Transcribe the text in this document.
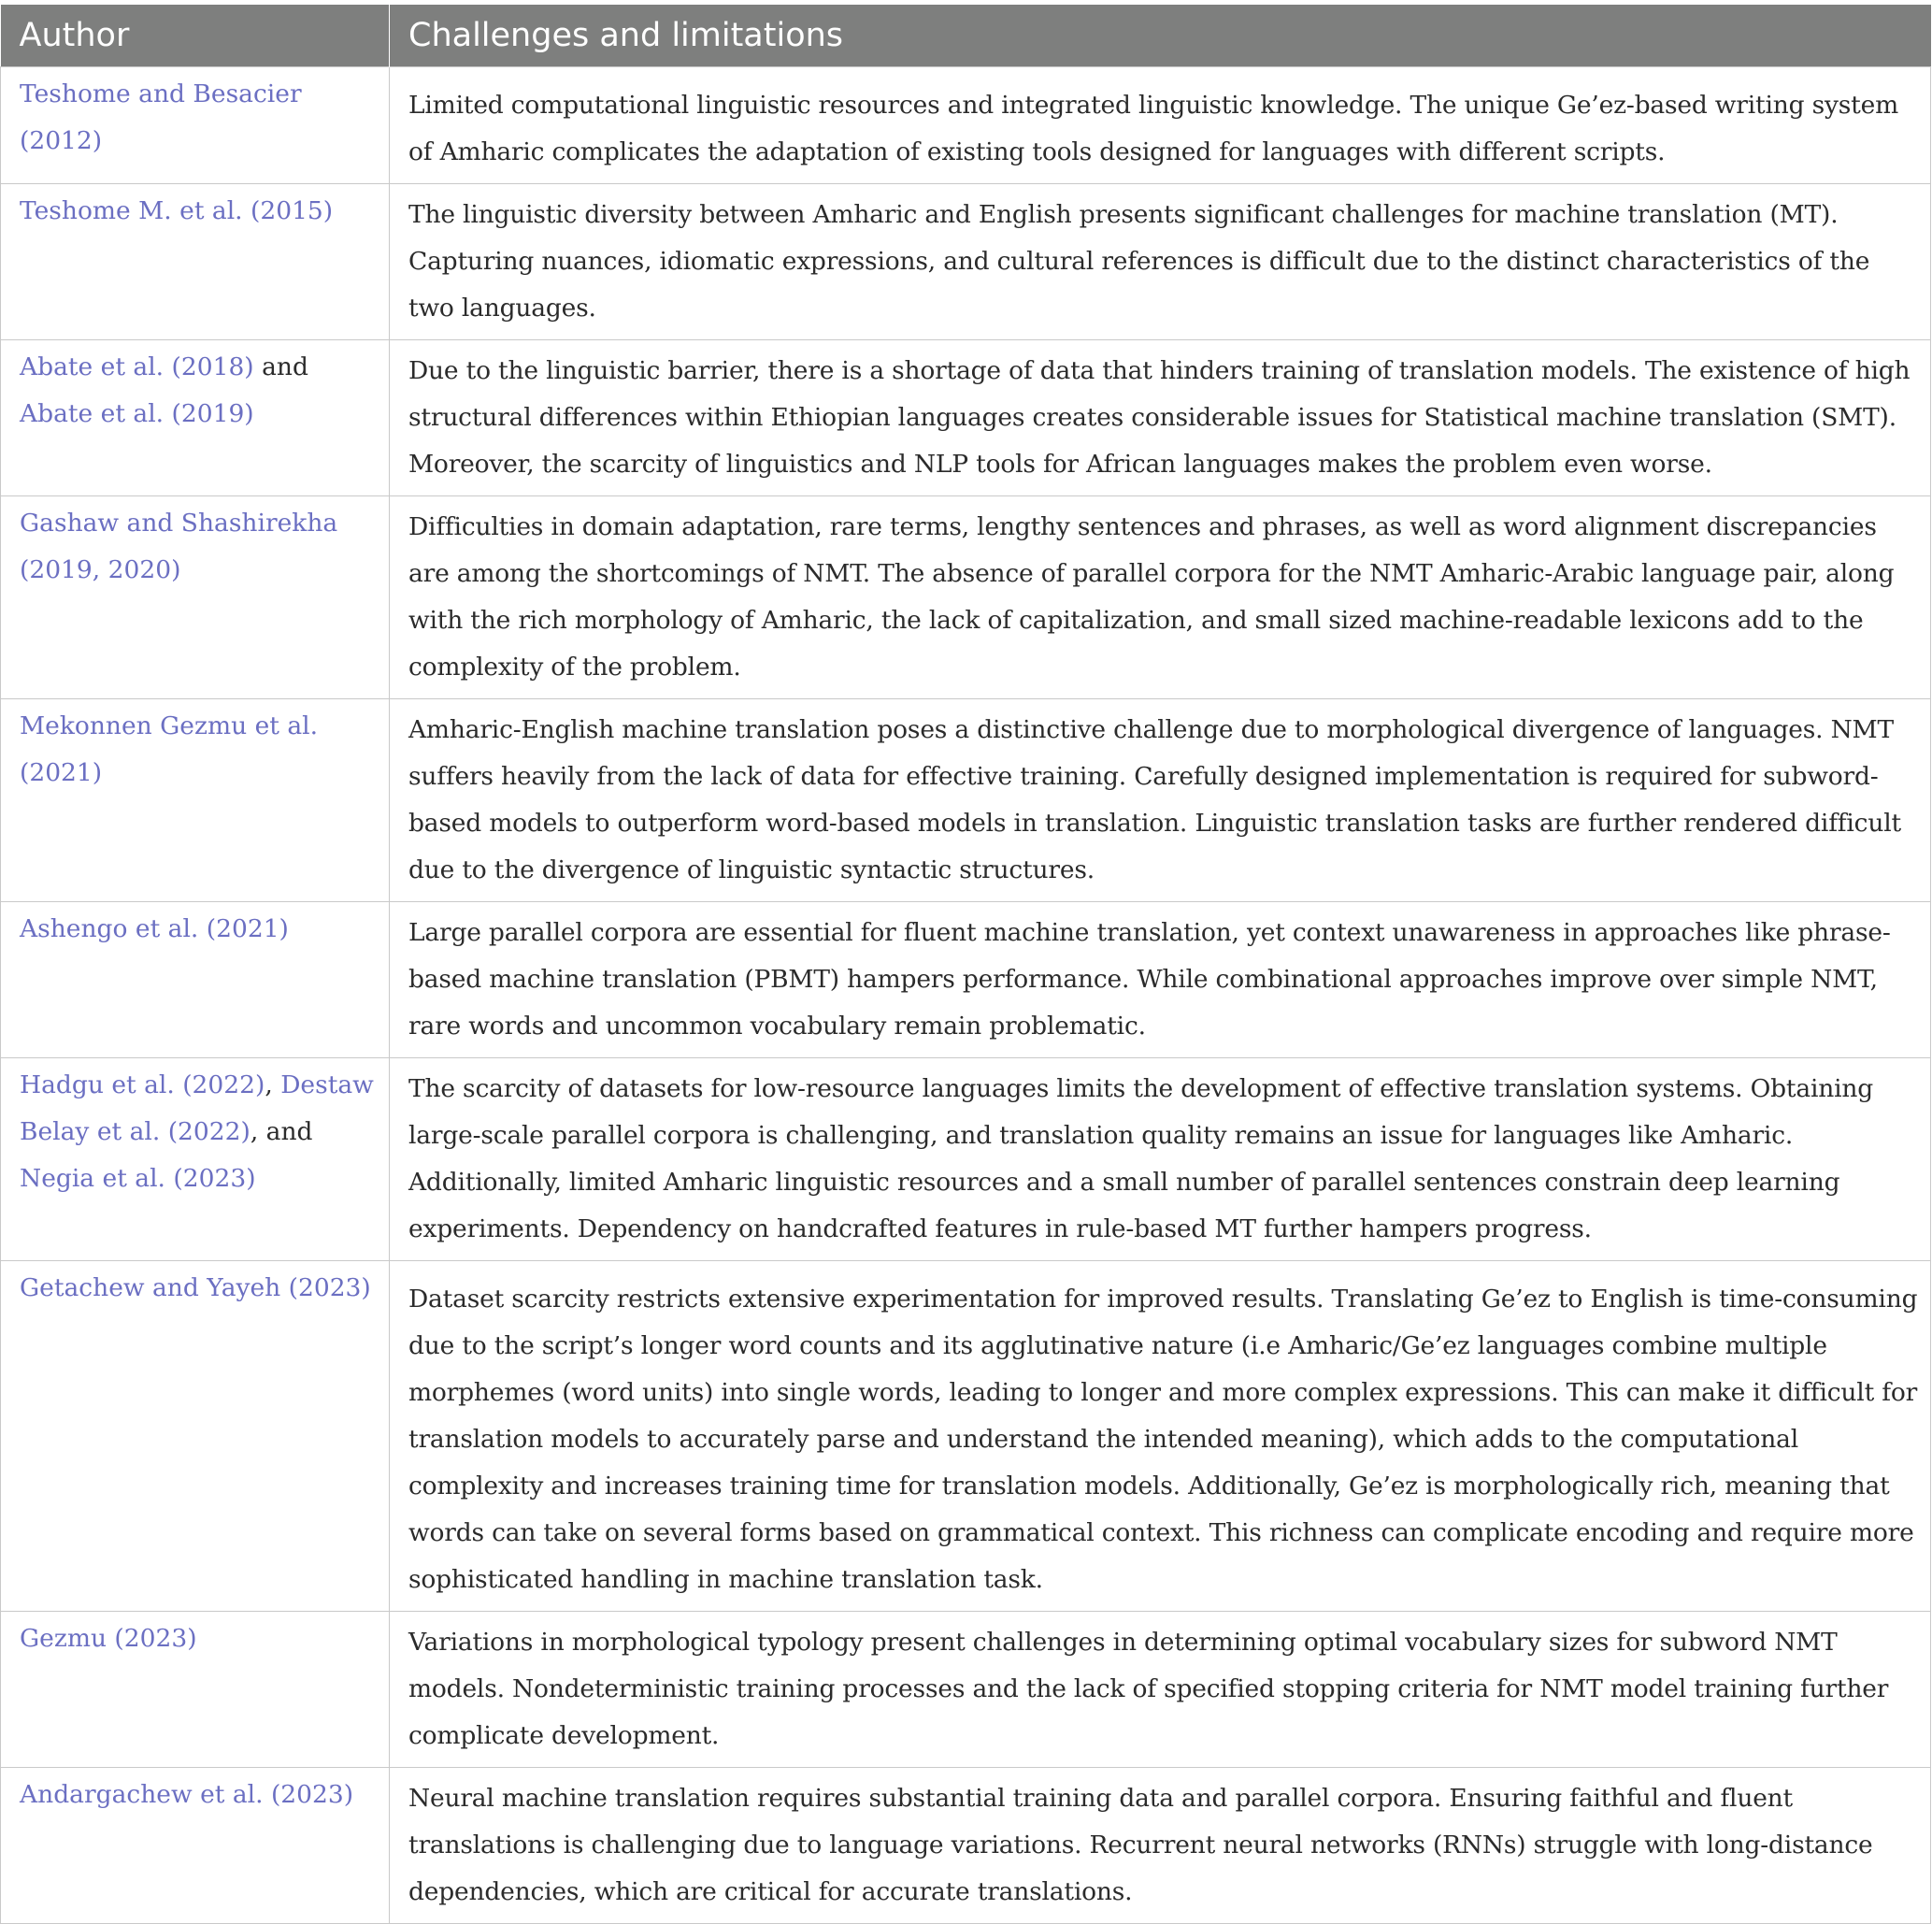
Author	Challenges and limitations
Teshome and Besacier (2012)	Limited computational linguistic resources and integrated linguistic knowledge. The unique Ge’ez-based writing system of Amharic complicates the adaptation of existing tools designed for languages with different scripts.
Teshome M. et al. (2015)	The linguistic diversity between Amharic and English presents significant challenges for machine translation (MT). Capturing nuances, idiomatic expressions, and cultural references is difficult due to the distinct characteristics of the two languages.
Abate et al. (2018) and Abate et al. (2019)	Due to the linguistic barrier, there is a shortage of data that hinders training of translation models. The existence of high structural differences within Ethiopian languages creates considerable issues for Statistical machine translation (SMT). Moreover, the scarcity of linguistics and NLP tools for African languages makes the problem even worse.
Gashaw and Shashirekha (2019, 2020)	Difficulties in domain adaptation, rare terms, lengthy sentences and phrases, as well as word alignment discrepancies are among the shortcomings of NMT. The absence of parallel corpora for the NMT Amharic-Arabic language pair, along with the rich morphology of Amharic, the lack of capitalization, and small sized machine-readable lexicons add to the complexity of the problem.
Mekonnen Gezmu et al. (2021)	Amharic-English machine translation poses a distinctive challenge due to morphological divergence of languages. NMT suffers heavily from the lack of data for effective training. Carefully designed implementation is required for subword-based models to outperform word-based models in translation. Linguistic translation tasks are further rendered difficult due to the divergence of linguistic syntactic structures.
Ashengo et al. (2021)	Large parallel corpora are essential for fluent machine translation, yet context unawareness in approaches like phrase-based machine translation (PBMT) hampers performance. While combinational approaches improve over simple NMT, rare words and uncommon vocabulary remain problematic.
Hadgu et al. (2022), Destaw Belay et al. (2022), and Negia et al. (2023)	The scarcity of datasets for low-resource languages limits the development of effective translation systems. Obtaining large-scale parallel corpora is challenging, and translation quality remains an issue for languages like Amharic. Additionally, limited Amharic linguistic resources and a small number of parallel sentences constrain deep learning experiments. Dependency on handcrafted features in rule-based MT further hampers progress.
Getachew and Yayeh (2023)	Dataset scarcity restricts extensive experimentation for improved results. Translating Ge’ez to English is time-consuming due to the script’s longer word counts and its agglutinative nature (i.e Amharic/Ge’ez languages combine multiple morphemes (word units) into single words, leading to longer and more complex expressions. This can make it difficult for translation models to accurately parse and understand the intended meaning), which adds to the computational complexity and increases training time for translation models. Additionally, Ge’ez is morphologically rich, meaning that words can take on several forms based on grammatical context. This richness can complicate encoding and require more sophisticated handling in machine translation task.
Gezmu (2023)	Variations in morphological typology present challenges in determining optimal vocabulary sizes for subword NMT models. Nondeterministic training processes and the lack of specified stopping criteria for NMT model training further complicate development.
Andargachew et al. (2023)	Neural machine translation requires substantial training data and parallel corpora. Ensuring faithful and fluent translations is challenging due to language variations. Recurrent neural networks (RNNs) struggle with long-distance dependencies, which are critical for accurate translations.
